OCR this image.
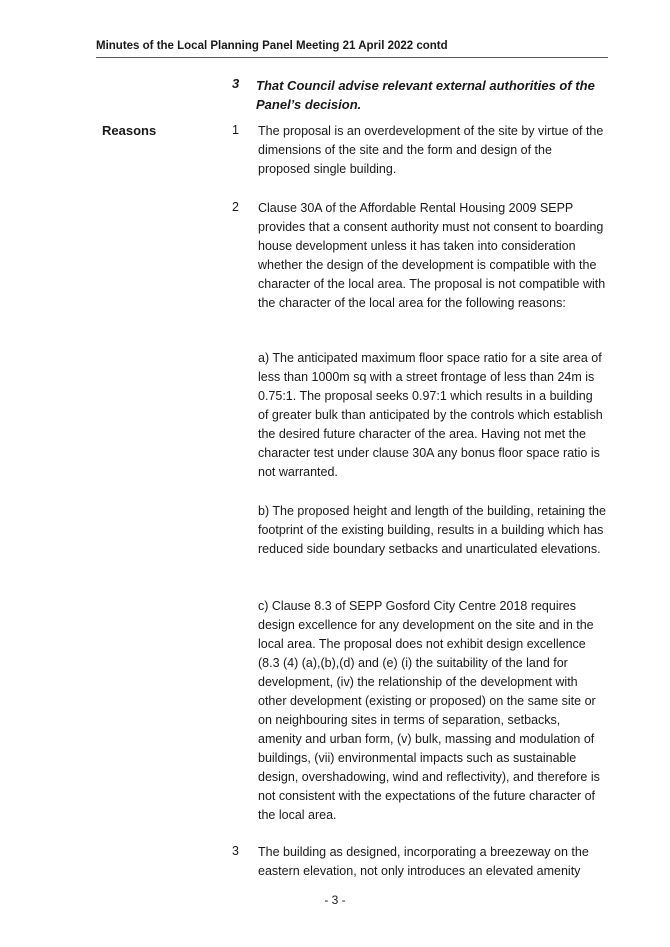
Minutes of the Local Planning Panel Meeting 21 April 2022 contd
3 That Council advise relevant external authorities of the Panel’s decision.
Reasons	1 The proposal is an overdevelopment of the site by virtue of the dimensions of the site and the form and design of the proposed single building.

2 Clause 30A of the Affordable Rental Housing 2009 SEPP provides that a consent authority must not consent to boarding house development unless it has taken into consideration whether the design of the development is compatible with the character of the local area. The proposal is not compatible with the character of the local area for the following reasons:

a) The anticipated maximum floor space ratio for a site area of less than 1000m sq with a street frontage of less than 24m is 0.75:1. The proposal seeks 0.97:1 which results in a building of greater bulk than anticipated by the controls which establish the desired future character of the area. Having not met the character test under clause 30A any bonus floor space ratio is not warranted.

b) The proposed height and length of the building, retaining the footprint of the existing building, results in a building which has reduced side boundary setbacks and unarticulated elevations.

c) Clause 8.3 of SEPP Gosford City Centre 2018 requires design excellence for any development on the site and in the local area. The proposal does not exhibit design excellence (8.3 (4) (a),(b),(d) and (e) (i) the suitability of the land for development, (iv) the relationship of the development with other development (existing or proposed) on the same site or on neighbouring sites in terms of separation, setbacks, amenity and urban form, (v) bulk, massing and modulation of buildings, (vii) environmental impacts such as sustainable design, overshadowing, wind and reflectivity), and therefore is not consistent with the expectations of the future character of the local area.

3 The building as designed, incorporating a breezeway on the eastern elevation, not only introduces an elevated amenity

- 3 -
